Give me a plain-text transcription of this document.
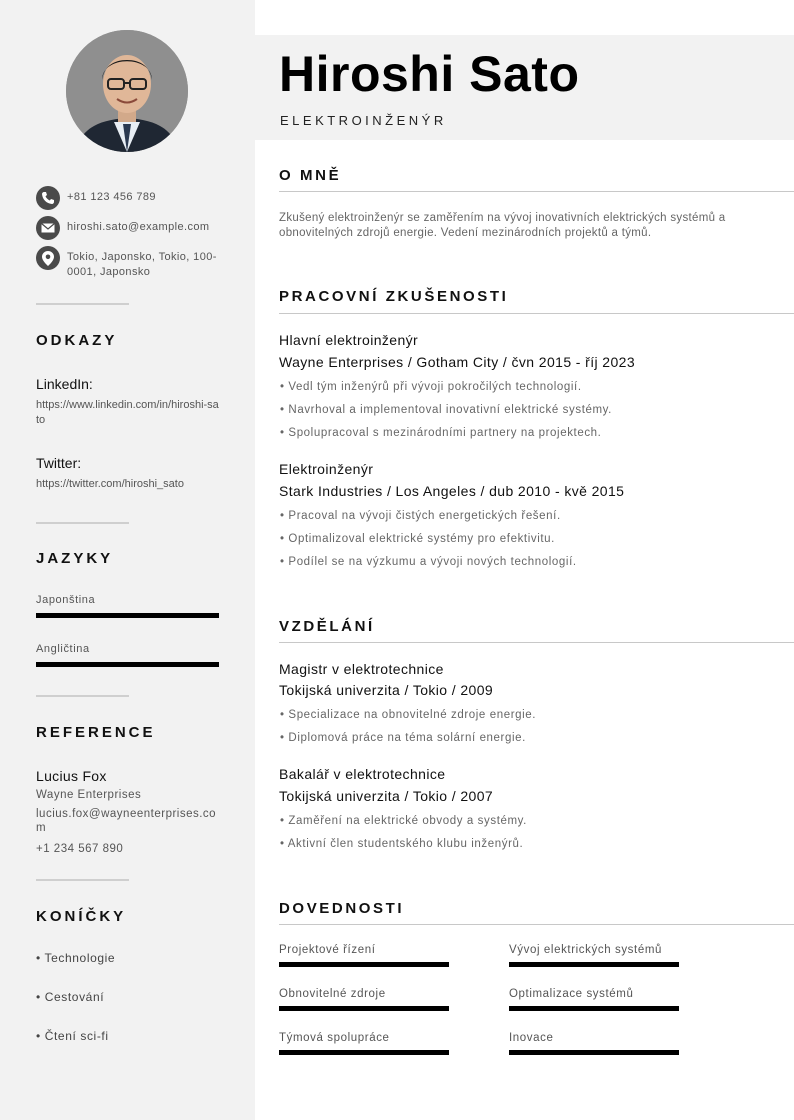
+81 123 456 789
hiroshi.sato@example.com
Tokio, Japonsko, Tokio, 100-0001, Japonsko
ODKAZY
LinkedIn:
https://www.linkedin.com/in/hiroshi-sato
Twitter:
https://twitter.com/hiroshi_sato
JAZYKY
Japonština
Angličtina
REFERENCE
Lucius Fox
Wayne Enterprises
lucius.fox@wayneenterprises.com
+1 234 567 890
KONÍČKY
• Technologie
• Cestování
• Čtení sci-fi
Hiroshi Sato
ELEKTROINŽENÝR
O MNĚ
Zkušený elektroinženýr se zaměřením na vývoj inovativních elektrických systémů a obnovitelných zdrojů energie. Vedení mezinárodních projektů a týmů.
PRACOVNÍ ZKUŠENOSTI
Hlavní elektroinženýr
Wayne Enterprises / Gotham City / čvn 2015 - říj 2023
• Vedl tým inženýrů při vývoji pokročilých technologií.
• Navrhoval a implementoval inovativní elektrické systémy.
• Spolupracoval s mezinárodními partnery na projektech.
Elektroinženýr
Stark Industries / Los Angeles / dub 2010 - kvě 2015
• Pracoval na vývoji čistých energetických řešení.
• Optimalizoval elektrické systémy pro efektivitu.
• Podílel se na výzkumu a vývoji nových technologií.
VZDĚLÁNÍ
Magistr v elektrotechnice
Tokijská univerzita / Tokio / 2009
• Specializace na obnovitelné zdroje energie.
• Diplomová práce na téma solární energie.
Bakalář v elektrotechnice
Tokijská univerzita / Tokio / 2007
• Zaměření na elektrické obvody a systémy.
• Aktivní člen studentského klubu inženýrů.
DOVEDNOSTI
Projektové řízení	Vývoj elektrických systémů
Obnovitelné zdroje	Optimalizace systémů
Týmová spolupráce	Inovace
